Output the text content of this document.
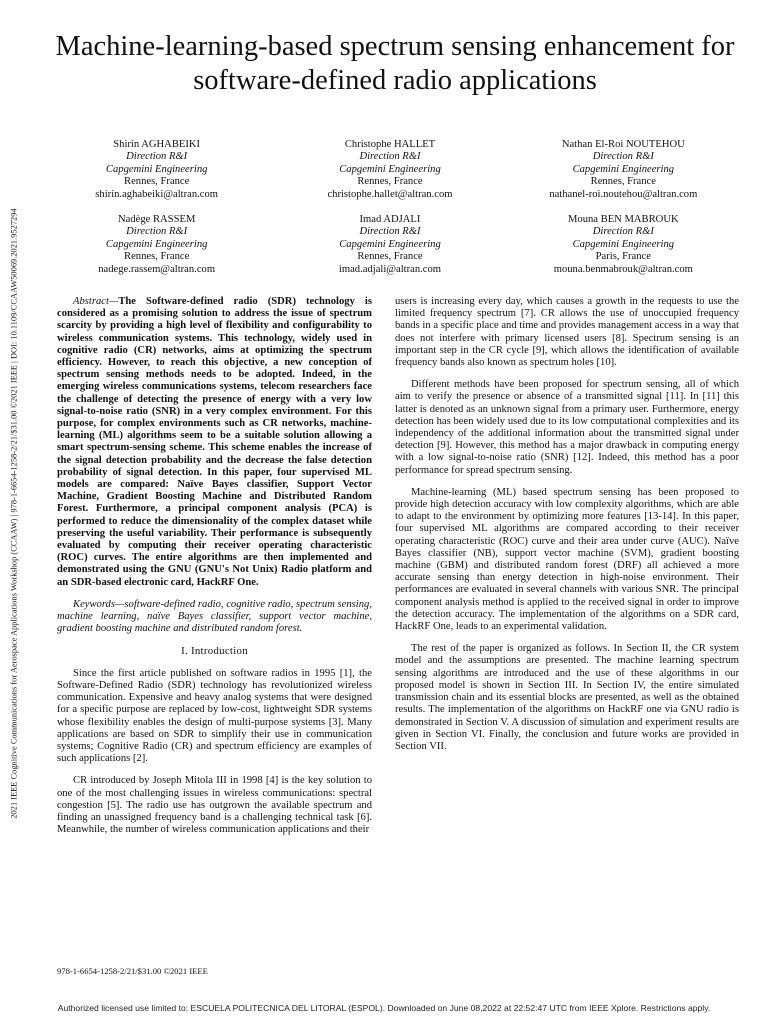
2021 IEEE Cognitive Communications for Aerospace Applications Workshop (CCAAW) | 978-1-6654-1258-2/21/$31.00 ©2021 IEEE | DOI: 10.1109/CCAAW50069.2021.9527294
Machine-learning-based spectrum sensing enhancement for software-defined radio applications
Shirin AGHABEIKI
Direction R&I
Capgemini Engineering
Rennes, France
shirin.aghabeiki@altran.com
Christophe HALLET
Direction R&I
Capgemini Engineering
Rennes, France
christophe.hallet@altran.com
Nathan El-Roi NOUTEHOU
Direction R&I
Capgemini Engineering
Rennes, France
nathanel-roi.noutehou@altran.com
Nadège RASSEM
Direction R&I
Capgemini Engineering
Rennes, France
nadege.rassem@altran.com
Imad ADJALI
Direction R&I
Capgemini Engineering
Rennes, France
imad.adjali@altran.com
Mouna BEN MABROUK
Direction R&I
Capgemini Engineering
Paris, France
mouna.benmabrouk@altran.com

Abstract—The Software-defined radio (SDR) technology is considered as a promising solution to address the issue of spectrum scarcity by providing a high level of flexibility and configurability to wireless communication systems. This technology, widely used in cognitive radio (CR) networks, aims at optimizing the spectrum efficiency. However, to reach this objective, a new conception of spectrum sensing methods needs to be adopted. Indeed, in the emerging wireless communications systems, telecom researchers face the challenge of detecting the presence of energy with a very low signal-to-noise ratio (SNR) in a very complex environment. For this purpose, for complex environments such as CR networks, machine-learning (ML) algorithms seem to be a suitable solution allowing a smart spectrum-sensing scheme. This scheme enables the increase of the signal detection probability and the decrease the false detection probability of signal detection. In this paper, four supervised ML models are compared: Naïve Bayes classifier, Support Vector Machine, Gradient Boosting Machine and Distributed Random Forest. Furthermore, a principal component analysis (PCA) is performed to reduce the dimensionality of the complex dataset while preserving the useful variability. Their performance is subsequently evaluated by computing their receiver operating characteristic (ROC) curves. The entire algorithms are then implemented and demonstrated using the GNU (GNU's Not Unix) Radio platform and an SDR-based electronic card, HackRF One.

Keywords—software-defined radio, cognitive radio, spectrum sensing, machine learning, naïve Bayes classifier, support vector machine, gradient boosting machine and distributed random forest.

I. Introduction

Since the first article published on software radios in 1995 [1], the Software-Defined Radio (SDR) technology has revolutionized wireless communication. Expensive and heavy analog systems that were designed for a specific purpose are replaced by low-cost, lightweight SDR systems whose flexibility enables the design of multi-purpose systems [3]. Many applications are based on SDR to simplify their use in communication systems; Cognitive Radio (CR) and spectrum efficiency are examples of such applications [2].

CR introduced by Joseph Mitola III in 1998 [4] is the key solution to one of the most challenging issues in wireless communications: spectral congestion [5]. The radio use has outgrown the available spectrum and finding an unassigned frequency band is a challenging technical task [6]. Meanwhile, the number of wireless communication applications and their

users is increasing every day, which causes a growth in the requests to use the limited frequency spectrum [7]. CR allows the use of unoccupied frequency bands in a specific place and time and provides management access in a way that does not interfere with primary licensed users [8]. Spectrum sensing is an important step in the CR cycle [9], which allows the identification of available frequency bands also known as spectrum holes [10].

Different methods have been proposed for spectrum sensing, all of which aim to verify the presence or absence of a transmitted signal [11]. In [11] this latter is denoted as an unknown signal from a primary user. Furthermore, energy detection has been widely used due to its low computational complexities and its independency of the additional information about the transmitted signal under detection [9]. However, this method has a major drawback in computing energy with a low signal-to-noise ratio (SNR) [12]. Indeed, this method has a poor performance for spread spectrum sensing.

Machine-learning (ML) based spectrum sensing has been proposed to provide high detection accuracy with low complexity algorithms, which are able to adapt to the environment by optimizing more features [13-14]. In this paper, four supervised ML algorithms are compared according to their receiver operating characteristic (ROC) curve and their area under curve (AUC). Naïve Bayes classifier (NB), support vector machine (SVM), gradient boosting machine (GBM) and distributed random forest (DRF) all achieved a more accurate sensing than energy detection in high-noise environment. Their performances are evaluated in several channels with various SNR. The principal component analysis method is applied to the received signal in order to improve the detection accuracy. The implementation of the algorithms on a SDR card, HackRF One, leads to an experimental validation.

The rest of the paper is organized as follows. In Section II, the CR system model and the assumptions are presented. The machine learning spectrum sensing algorithms are introduced and the use of these algorithms in our proposed model is shown in Section III. In Section IV, the entire simulated transmission chain and its essential blocks are presented, as well as the obtained results. The implementation of the algorithms on HackRF one via GNU radio is demonstrated in Section V. A discussion of simulation and experiment results are given in Section VI. Finally, the conclusion and future works are provided in Section VII.

978-1-6654-1258-2/21/$31.00 ©2021 IEEE
Authorized licensed use limited to: ESCUELA POLITECNICA DEL LITORAL (ESPOL). Downloaded on June 08,2022 at 22:52:47 UTC from IEEE Xplore. Restrictions apply.
